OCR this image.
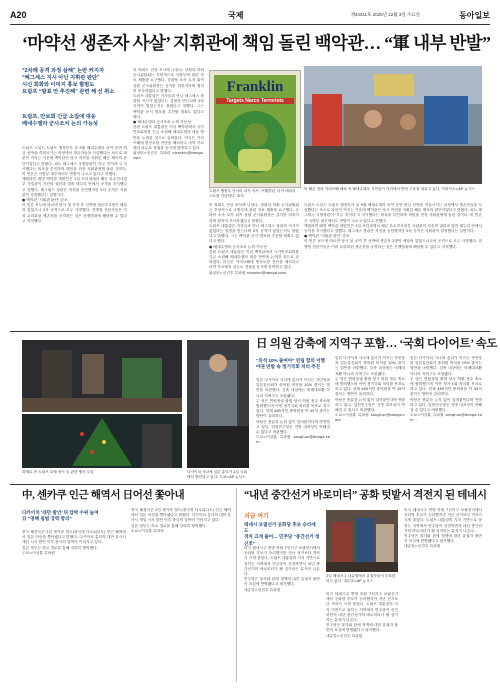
A20	국제	제34311호 2025년 12월 3일 수요일	동아일보
‘마약선 생존자 사살’ 지휘관에 책임 돌린 백악관… “軍 내부 반발”
“2차례 공격 과정 살해” 논란 커지자
“헤그세스 지시 아닌 지휘관 판단”
시신 회화와 이미지 홍보 혐범도
트럼프 “발표 안 추진해” 관련 해 선 취소
트럼프, 안보회 긴급 소집에 대응
베네수엘라 군사조치 논의 가능성
트럼프 도널드 트럼프 행정부가 올 9월 베네수엘라 마약 운반 의심 선박을 격침시키는 과정에서 생존자들을 사살했다는 보도로 파문이 커지는 가운데 백악관은 당시 작전을 지휘한 해군 제독의 판단이었다고 밝혔다. 피트 헤그세스 국방장관이 '모두 죽이라'고 지시했다는 의혹을 부인하며 책임을 현장 지휘관에게 돌린 것이다. 미 언론은 국방부 내부에서도 반발이 나오고 있다고 전했다.
캐럴라인 레빗 백악관 대변인은 1일 브리핑에서 해군 특수전사령부 사령관이 자신의 권한과 법의 테두리 안에서 공격을 지시했다고 말했다. 헤그세스 장관은 작전을 승인했지만 2차 공격은 지휘관이 결정했다는 설명이다.
● 백악관 '지휘관 판단' 강조
미 언론 보도에 따르면 당시 첫 공격 후 선박에 생존자 2명이 매달려 있었으나 2차 공격으로 모두 사망했다. 전쟁법 전문가들은 이미 무력화된 생존자를 공격하는 것은 전쟁범죄에 해당할 수 있다고 지적했다.
미 의회도 진상 조사에 나섰다. 상원과 하원 군사위원회는 초당적으로 국방부에 관련 자료 제출을 요구했다. 공화당 소속 로저 위커 상원 군사위원장은 심각한 의혹이라며 철저히 조사하겠다고 밝혔다.
트럼프 대통령은 기자들과 만나 헤그세스 장관의 지시가 없었다는 설명을 믿는다며 2차 공격이 있었는지도 몰랐다고 말했다. 그는 백악관 공식 발표를 추진할 계획도 없다고 했다.
● 베네수엘라 군사조치 논의 가능성
한편 트럼프 대통령은 이날 백악관에서 국가안보회의를 긴급 소집해 베네수엘라 대응 방안을 논의한 것으로 알려졌다. 미국은 카리브해에 항공모함 전단을 배치하고 마약 카르텔과 마두로 정권을 동시에 압박하고 있다.
워싱턴=신진우 특파원 niceshin@donga.com
Franklin
Targets Narco Terrorists
트럼프 행정부 인사의 과거 저서 ‘프랭클린, 마약 테러리스트를 겨냥하다’ 표지
미 해군 전력 카리브해 배치 속 베네수엘라 시민들이 거리에서 반미 구호를 외치고 있다. 카라카스=AP 뉴시스
미 의회도 진상 조사에 나섰다. 상원과 하원 군사위원회는 초당적으로 국방부에 관련 자료 제출을 요구했다. 공화당 소속 로저 위커 상원 군사위원장은 심각한 의혹이라며 철저히 조사하겠다고 밝혔다.
트럼프 대통령은 기자들과 만나 헤그세스 장관의 지시가 없었다는 설명을 믿는다며 2차 공격이 있었는지도 몰랐다고 말했다. 그는 백악관 공식 발표를 추진할 계획도 없다고 했다.
● 베네수엘라 군사조치 논의 가능성
한편 트럼프 대통령은 이날 백악관에서 국가안보회의를 긴급 소집해 베네수엘라 대응 방안을 논의한 것으로 알려졌다. 미국은 카리브해에 항공모함 전단을 배치하고 마약 카르텔과 마두로 정권을 동시에 압박하고 있다.
워싱턴=신진우 특파원 niceshin@donga.com
트럼프 도널드 트럼프 행정부가 올 9월 베네수엘라 마약 운반 의심 선박을 격침시키는 과정에서 생존자들을 사살했다는 보도로 파문이 커지는 가운데 백악관은 당시 작전을 지휘한 해군 제독의 판단이었다고 밝혔다. 피트 헤그세스 국방장관이 '모두 죽이라'고 지시했다는 의혹을 부인하며 책임을 현장 지휘관에게 돌린 것이다. 미 언론은 국방부 내부에서도 반발이 나오고 있다고 전했다.
캐럴라인 레빗 백악관 대변인은 1일 브리핑에서 해군 특수전사령부 사령관이 자신의 권한과 법의 테두리 안에서 공격을 지시했다고 말했다. 헤그세스 장관은 작전을 승인했지만 2차 공격은 지휘관이 결정했다는 설명이다.
● 백악관 '지휘관 판단' 강조
미 언론 보도에 따르면 당시 첫 공격 후 선박에 생존자 2명이 매달려 있었으나 2차 공격으로 모두 사망했다. 전쟁법 전문가들은 이미 무력화된 생존자를 공격하는 것은 전쟁범죄에 해당할 수 있다고 지적했다.
화재로 전 트럼프 호텔 장식 앞 관련 행사 모습	다카이치 사나에 일본 총리가 2일 국회에서 발언하고 있다. 도쿄=AP 뉴시스
日 의원 감축에 지역구 포함… ‘국회 다이어트’ 속도
“의석 10% 줄여야” 연립 합의 이행
야권 반발 속 정기국회 처리 추진
일본 다카이치 사나에 총리가 이끄는 자민당과 일본유신회가 중의원 의석을 10% 줄이는 법안을 마련했다. 감축 대상에는 비례대표뿐 아니라 지역구도 포함됐다.
두 당은 연립정권 출범 당시 의원 정수 축소에 합의했으며 이번 정기국회 처리를 목표로 하고 있다. 현재 465석인 중의원을 약 45석 줄이는 방안이 유력하다.
야당은 충분한 논의 없이 밀어붙인다며 반발하고 있다. 입헌민주당은 지방 대표성이 약해질 수 있다고 비판했다.
도쿄=이상훈 특파원 sanghun@donga.com
일본 다카이치 사나에 총리가 이끄는 자민당과 일본유신회가 중의원 의석을 10% 줄이는 법안을 마련했다. 감축 대상에는 비례대표뿐 아니라 지역구도 포함됐다.
두 당은 연립정권 출범 당시 의원 정수 축소에 합의했으며 이번 정기국회 처리를 목표로 하고 있다. 현재 465석인 중의원을 약 45석 줄이는 방안이 유력하다.
야당은 충분한 논의 없이 밀어붙인다며 반발하고 있다. 입헌민주당은 지방 대표성이 약해질 수 있다고 비판했다.
도쿄=이상훈 특파원 sanghun@donga.com
일본 다카이치 사나에 총리가 이끄는 자민당과 일본유신회가 중의원 의석을 10% 줄이는 법안을 마련했다. 감축 대상에는 비례대표뿐 아니라 지역구도 포함됐다.
두 당은 연립정권 출범 당시 의원 정수 축소에 합의했으며 이번 정기국회 처리를 목표로 하고 있다. 현재 465석인 중의원을 약 45석 줄이는 방안이 유력하다.
야당은 충분한 논의 없이 밀어붙인다며 반발하고 있다. 입헌민주당은 지방 대표성이 약해질 수 있다고 비판했다.
도쿄=이상훈 특파원 sanghun@donga.com
中, 센카쿠 인근 해역서 日어선 쫓아내
다카이치 ‘대만 발언’ 뒤 압박 수위 높여
日 “영해 침범 강력 항의”
중국 해경국은 2일 센카쿠 열도(중국명 댜오위다오) 인근 해역에서 일본 어선을 쫓아냈다고 밝혔다. 다카이치 총리의 대만 유사시 개입 시사 발언 이후 중국의 압박이 이어지고 있다.
일본 정부는 외교 경로를 통해 강력히 항의했다.
도쿄=이상훈 특파원
중국 해경국은 2일 센카쿠 열도(중국명 댜오위다오) 인근 해역에서 일본 어선을 쫓아냈다고 밝혔다. 다카이치 총리의 대만 유사시 개입 시사 발언 이후 중국의 압박이 이어지고 있다.
일본 정부는 외교 경로를 통해 강력히 항의했다.
도쿄=이상훈 특파원
“내년 중간선거 바로미터” 공화 텃밭서 격전지 된 테네시
지금 여기
테네시 보궐선거 공화당 후보 승리에도
격차 크게 줄어… 민주당 “중간선거 청신호”
미국 테네시주 연방 하원 7선거구 보궐선거에서 공화당 후보가 승리했지만 지난 선거보다 격차가 크게 줄었다. 트럼프 대통령의 지지 기반으로 꼽히는 지역에서 민주당이 선전하면서 내년 중간선거의 바로미터가 될 것이라는 분석이 나온다.
민주당은 물가와 관세 정책에 대한 유권자 불만이 표심에 반영됐다고 평가했다.
내슈빌=신진우 특파원
2일 테네시주 내슈빌에서 유권자들이 투표를 하고 있다. 내슈빌=AP 뉴시스
미국 테네시주 연방 하원 7선거구 보궐선거에서 공화당 후보가 승리했지만 지난 선거보다 격차가 크게 줄었다. 트럼프 대통령의 지지 기반으로 꼽히는 지역에서 민주당이 선전하면서 내년 중간선거의 바로미터가 될 것이라는 분석이 나온다.
민주당은 물가와 관세 정책에 대한 유권자 불만이 표심에 반영됐다고 평가했다.
내슈빌=신진우 특파원
미국 테네시주 연방 하원 7선거구 보궐선거에서 공화당 후보가 승리했지만 지난 선거보다 격차가 크게 줄었다. 트럼프 대통령의 지지 기반으로 꼽히는 지역에서 민주당이 선전하면서 내년 중간선거의 바로미터가 될 것이라는 분석이 나온다.
민주당은 물가와 관세 정책에 대한 유권자 불만이 표심에 반영됐다고 평가했다.
내슈빌=신진우 특파원
